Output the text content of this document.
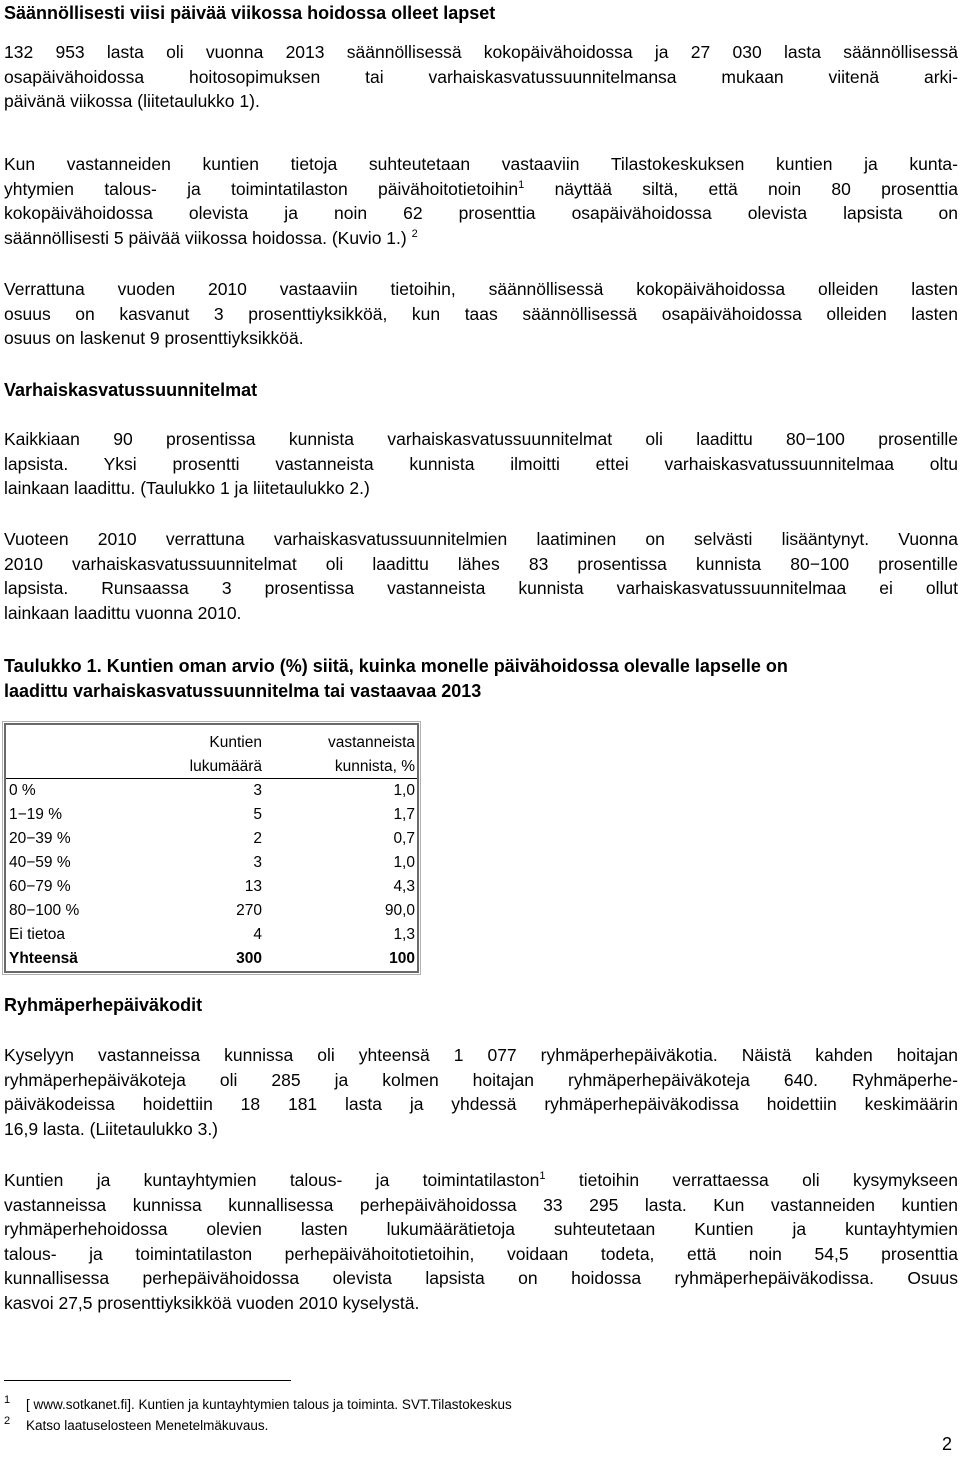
Säännöllisesti viisi päivää viikossa hoidossa olleet lapset
132 953 lasta oli vuonna 2013 säännöllisessä kokopäivähoidossa ja 27 030 lasta säännöllisessä
osapäivähoidossa hoitosopimuksen tai varhaiskasvatussuunnitelmansa mukaan viitenä arki-
päivänä viikossa (liitetaulukko 1).
Kun vastanneiden kuntien tietoja suhteutetaan vastaaviin Tilastokeskuksen kuntien ja kunta-
yhtymien talous- ja toimintatilaston päivähoitotietoihin$^1$ näyttää siltä, että noin 80 prosenttia
kokopäivähoidossa olevista ja noin 62 prosenttia osapäivähoidossa olevista lapsista on
säännöllisesti 5 päivää viikossa hoidossa. (Kuvio 1.) $^2$
Verrattuna vuoden 2010 vastaaviin tietoihin, säännöllisessä kokopäivähoidossa olleiden lasten
osuus on kasvanut 3 prosenttiyksikköä, kun taas säännöllisessä osapäivähoidossa olleiden lasten
osuus on laskenut 9 prosenttiyksikköä.
Varhaiskasvatussuunnitelmat
Kaikkiaan 90 prosentissa kunnista varhaiskasvatussuunnitelmat oli laadittu 80−100 prosentille
lapsista. Yksi prosentti vastanneista kunnista ilmoitti ettei varhaiskasvatussuunnitelmaa oltu
lainkaan laadittu. (Taulukko 1 ja liitetaulukko 2.)
Vuoteen 2010 verrattuna varhaiskasvatussuunnitelmien laatiminen on selvästi lisääntynyt. Vuonna
2010 varhaiskasvatussuunnitelmat oli laadittu lähes 83 prosentissa kunnista 80−100 prosentille
lapsista. Runsaassa 3 prosentissa vastanneista kunnista varhaiskasvatussuunnitelmaa ei ollut
lainkaan laadittu vuonna 2010.
Taulukko 1. Kuntien oman arvio (%) siitä, kuinka monelle päivähoidossa olevalle lapselle on
laadittu varhaiskasvatussuunnitelma tai vastaavaa 2013
	Kuntien	vastanneista
	lukumäärä	kunnista, %
0 %	3	1,0
1−19 %	5	1,7
20−39 %	2	0,7
40−59 %	3	1,0
60−79 %	13	4,3
80−100 %	270	90,0
Ei tietoa	4	1,3
Yhteensä	300	100
Ryhmäperhepäiväkodit
Kyselyyn vastanneissa kunnissa oli yhteensä 1 077 ryhmäperhepäiväkotia. Näistä kahden hoitajan
ryhmäperhepäiväkoteja oli 285 ja kolmen hoitajan ryhmäperhepäiväkoteja 640. Ryhmäperhe-
päiväkodeissa hoidettiin 18 181 lasta ja yhdessä ryhmäperhepäiväkodissa hoidettiin keskimäärin
16,9 lasta. (Liitetaulukko 3.)
Kuntien ja kuntayhtymien talous- ja toimintatilaston$^1$ tietoihin verrattaessa oli kysymykseen
vastanneissa kunnissa kunnallisessa perhepäivähoidossa 33 295 lasta. Kun vastanneiden kuntien
ryhmäperhehoidossa olevien lasten lukumäärätietoja suhteutetaan Kuntien ja kuntayhtymien
talous- ja toimintatilaston perhepäivähoitotietoihin, voidaan todeta, että noin 54,5 prosenttia
kunnallisessa perhepäivähoidossa olevista lapsista on hoidossa ryhmäperhepäiväkodissa. Osuus
kasvoi 27,5 prosenttiyksikköä vuoden 2010 kyselystä.
1 [ www.sotkanet.fi]. Kuntien ja kuntayhtymien talous ja toiminta. SVT.Tilastokeskus
2 Katso laatuselosteen Menetelmäkuvaus.
2
